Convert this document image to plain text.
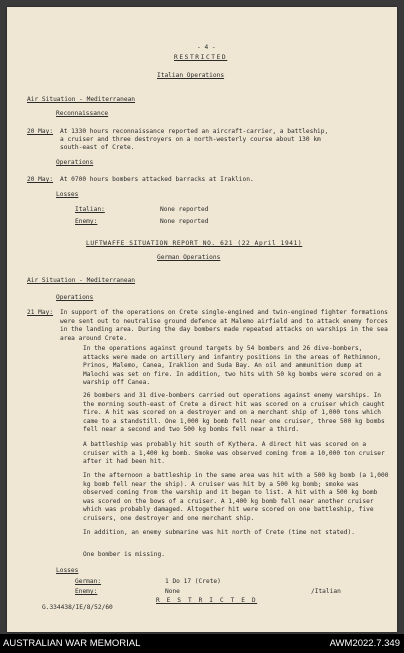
- 4 -
RESTRICTED
Italian Operations
Air Situation - Mediterranean
Reconnaissance
20 May: At 1330 hours reconnaissance reported an aircraft-carrier, a battleship,
a cruiser and three destroyers on a north-westerly course about 130 km
south-east of Crete.
Operations
20 May: At 0700 hours bombers attacked barracks at Iraklion.
Losses
Italian:	None reported
Enemy:	None reported
LUFTWAFFE SITUATION REPORT NO. 621 (22 April 1941)
German Operations
Air Situation - Mediterranean
Operations
21 May: In support of the operations on Crete single-engined and twin-engined fighter formations were sent out to neutralise ground defence at Malemo airfield and to attack enemy forces in the landing area. During the day bombers made repeated attacks on warships in the sea area around Crete.
In the operations against ground targets by 54 bombers and 26 dive-bombers, attacks were made on artillery and infantry positions in the areas of Rethimnon, Prinos, Malemo, Canea, Iraklion and Suda Bay. An oil and ammunition dump at Malochi was set on fire. In addition, two hits with 50 kg bombs were scored on a warship off Canea.
26 bombers and 31 dive-bombers carried out operations against enemy warships. In the morning south-east of Crete a direct hit was scored on a cruiser which caught fire. A hit was scored on a destroyer and on a merchant ship of 1,000 tons which came to a standstill. One 1,000 kg bomb fell near one cruiser, three 500 kg bombs fell near a second and two 500 kg bombs fell near a third.
A battleship was probably hit south of Kythera. A direct hit was scored on a cruiser with a 1,400 kg bomb. Smoke was observed coming from a 10,000 ton cruiser after it had been hit.
In the afternoon a battleship in the same area was hit with a 500 kg bomb (a 1,000 kg bomb fell near the ship). A cruiser was hit by a 500 kg bomb; smoke was observed coming from the warship and it began to list. A hit with a 500 kg bomb was scored on the bows of a cruiser. A 1,400 kg bomb fell near another cruiser which was probably damaged. Altogether hit were scored on one battleship, five cruisers, one destroyer and one merchant ship.
In addition, an enemy submarine was hit north of Crete (time not stated).
One bomber is missing.
Losses
German:	1 Do 17 (Crete)
Enemy:	None	/Italian
G.334438/IE/8/52/60
R E S T R I C T E D
AUSTRALIAN WAR MEMORIAL	AWM2022.7.349
